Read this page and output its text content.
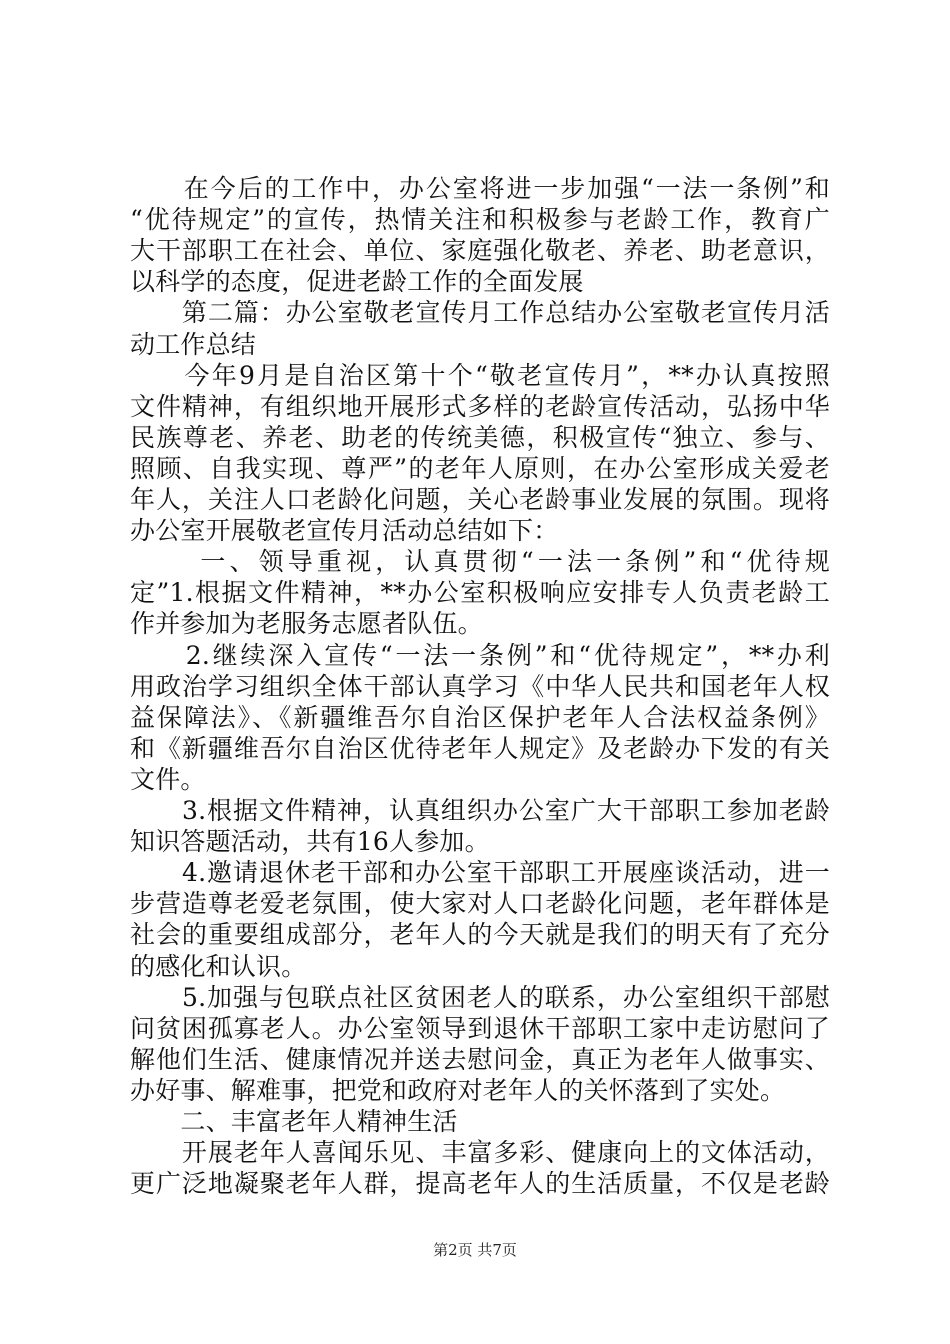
　　在今后的工作中，办公室将进一步加强“一法一条例”和
“优待规定”的宣传，热情关注和积极参与老龄工作，教育广
大干部职工在社会、单位、家庭强化敬老、养老、助老意识，
以科学的态度，促进老龄工作的全面发展
　　第二篇：办公室敬老宣传月工作总结办公室敬老宣传月活
动工作总结
　　今年9月是自治区第十个“敬老宣传月”，**办认真按照
文件精神，有组织地开展形式多样的老龄宣传活动，弘扬中华
民族尊老、养老、助老的传统美德，积极宣传“独立、参与、
照顾、自我实现、尊严”的老年人原则，在办公室形成关爱老
年人，关注人口老龄化问题，关心老龄事业发展的氛围。现将
办公室开展敬老宣传月活动总结如下：
　　 一、领导重视，认真贯彻“一法一条例”和“优待规
定”1.根据文件精神，**办公室积极响应安排专人负责老龄工
作并参加为老服务志愿者队伍。
　　2.继续深入宣传“一法一条例”和“优待规定”，**办利
用政治学习组织全体干部认真学习《中华人民共和国老年人权
益保障法》、《新疆维吾尔自治区保护老年人合法权益条例》
和《新疆维吾尔自治区优待老年人规定》及老龄办下发的有关
文件。
　　3.根据文件精神，认真组织办公室广大干部职工参加老龄
知识答题活动，共有16人参加。
　　4.邀请退休老干部和办公室干部职工开展座谈活动，进一
步营造尊老爱老氛围，使大家对人口老龄化问题，老年群体是
社会的重要组成部分，老年人的今天就是我们的明天有了充分
的感化和认识。
　　5.加强与包联点社区贫困老人的联系，办公室组织干部慰
问贫困孤寡老人。办公室领导到退休干部职工家中走访慰问了
解他们生活、健康情况并送去慰问金，真正为老年人做事实、
办好事、解难事，把党和政府对老年人的关怀落到了实处。
　　二、丰富老年人精神生活
　　开展老年人喜闻乐见、丰富多彩、健康向上的文体活动，
更广泛地凝聚老年人群，提高老年人的生活质量，不仅是老龄
第2页 共7页
